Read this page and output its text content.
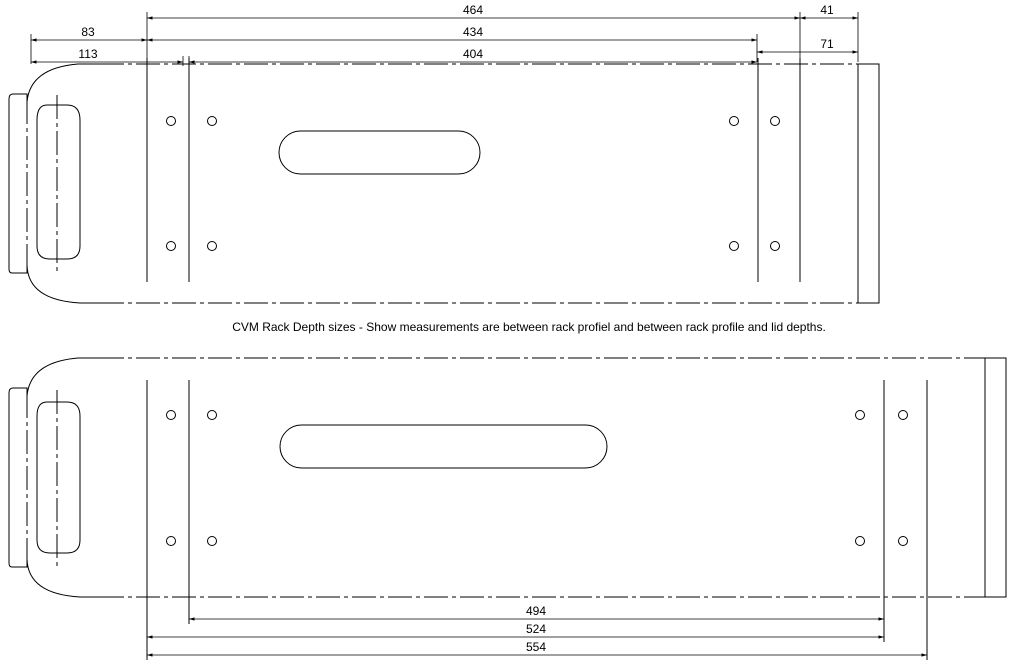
464	41
83	434
113	404
71
CVM Rack Depth sizes - Show measurements are between rack profiel and between rack profile and lid depths.
494
524
554
